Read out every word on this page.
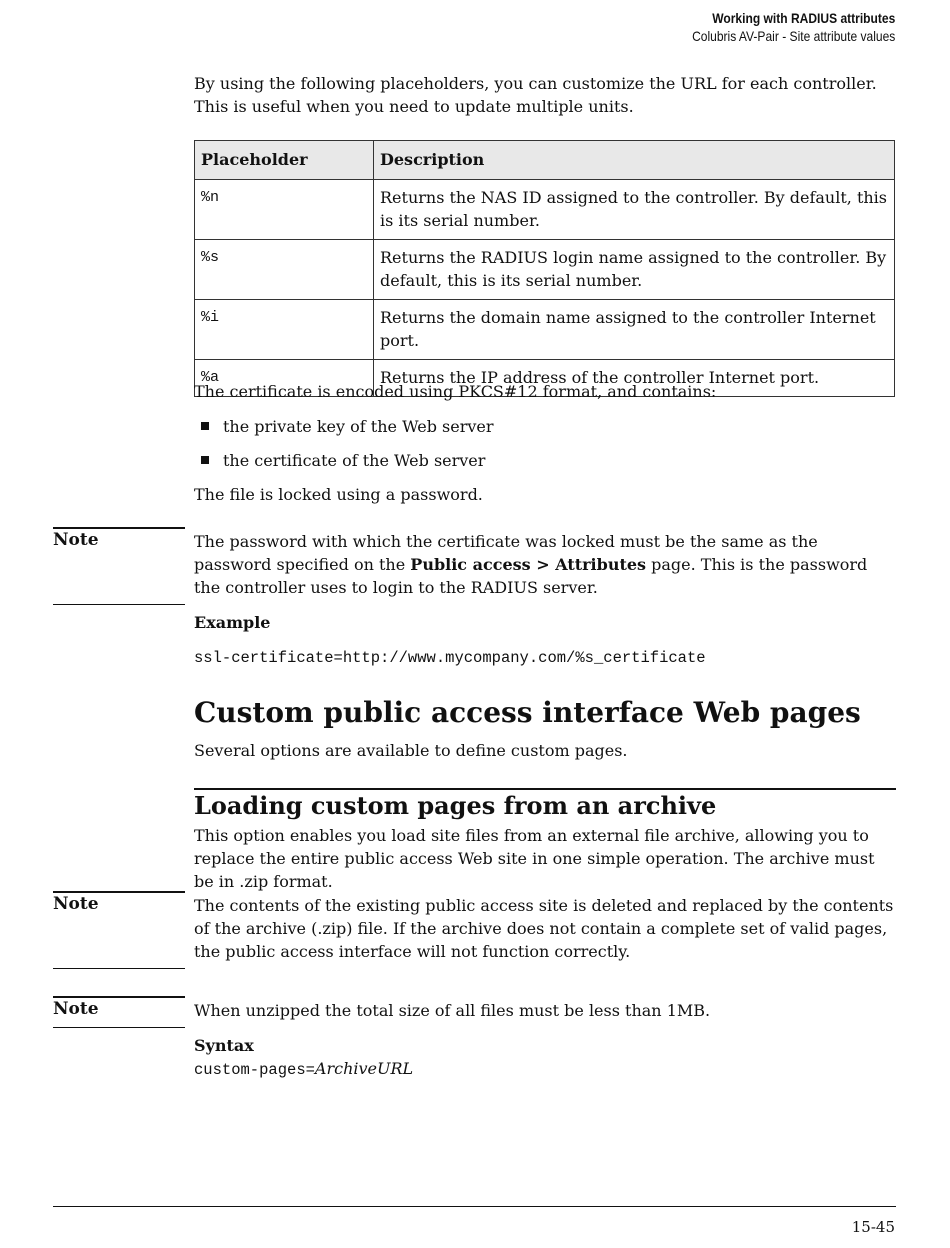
Working with RADIUS attributes
Colubris AV-Pair - Site attribute values
By using the following placeholders, you can customize the URL for each controller. This is useful when you need to update multiple units.
Placeholder	Description
%n	Returns the NAS ID assigned to the controller. By default, this is its serial number.
%s	Returns the RADIUS login name assigned to the controller. By default, this is its serial number.
%i	Returns the domain name assigned to the controller Internet port.
%a	Returns the IP address of the controller Internet port.
The certificate is encoded using PKCS#12 format, and contains:
the private key of the Web server
the certificate of the Web server
The file is locked using a password.
Note	The password with which the certificate was locked must be the same as the password specified on the Public access > Attributes page. This is the password the controller uses to login to the RADIUS server.
Example
ssl-certificate=http://www.mycompany.com/%s_certificate
Custom public access interface Web pages
Several options are available to define custom pages.
Loading custom pages from an archive
This option enables you load site files from an external file archive, allowing you to replace the entire public access Web site in one simple operation. The archive must be in .zip format.
Note	The contents of the existing public access site is deleted and replaced by the contents of the archive (.zip) file. If the archive does not contain a complete set of valid pages, the public access interface will not function correctly.
Note	When unzipped the total size of all files must be less than 1MB.
Syntax
custom-pages=ArchiveURL
15-45
